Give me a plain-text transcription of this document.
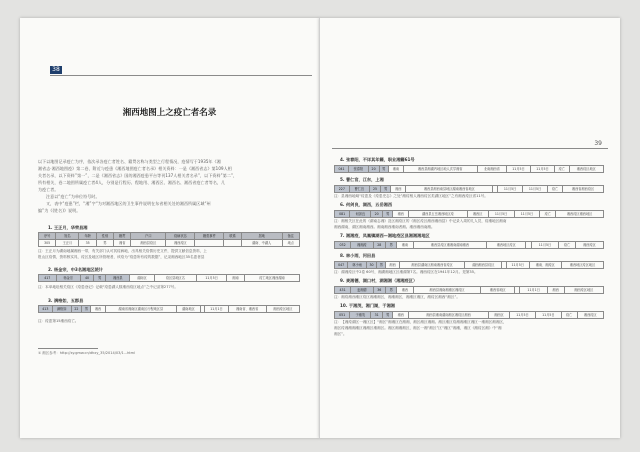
38
湘西地图上之疫亡者名录
以下以地图记录疫亡为序，依次录各疫亡者姓名、籍贯名称与类型之行程情况，疫情写于1935年《湘
湘省志·湘西地图疫》第二卷，附近与疫患《湘西地图疫亡者名录》相关资料：一是《湘西省志》第109人相
关者名录，以下资料”第一”，二是《湘西省志》国的湘西疫患平台等刊137人相关者名录”，以下资料”第二”，
所有相关，卷二地图所属疫亡者4人，分别是行程历、程地用、湘西区、湘西名、湘西省疫亡者等名，几
为疫亡者。
注意以“疫亡”为单位符号时。
又，表中“疫患”栏，“湘”字“为对湘西地区的卫生事件说明在东省相关处的湘西所属区域“州
编”为《(姓名)》说明。
1. 王正月，华荣县湘
序号	姓名	年龄	性别	籍贯	户口	疫病状态	籍患事件	联系	居地	备注
305	王正月	35	男	湘省	湘西县疫区	湘西疫区			湖南、中湖人	地点
注：王正月为湖南地属湘西一带，有关部门认可其疫病地，出具相关疫情历史文件，提供文献信息资料，上
报山区疫情，资料核实具，疫区及地区所管理者，该疫为“疫患所有疫的数据”，记录湘西地区35名患者县
2. 杨金宗，中3名湘地区统计
417	杨金宗	40	男	湘西县	湖南区	疫区县地区名	11月5日	湘南	疫亡地区湘西湖南
注：本单地址相关疫区《疫患登记》记载“疫患湖人数湘西疫区地点”之中记录第277号。
3. 满格如，五郡县
413	满格如	22	男	湘西	湖南省湘南区湖南区行程地区县	湖南地区		11月1日	湘南省、湘西省	湘西疫区地区
注：疫患第15湘西疫亡。
① 湘区参考：http://xy.gmw.cn/dhxy_35/2014/03/1...html
39
4. 张春阳，不详其年籍，职业湘籍61号
041	张春阳	20	男	湘南	湘西县湘湖内地区地人次学湘省	北南湘西省	11月5日	11月5日	疫亡	湘西疫区地区
5. 曹仁官，江东，上湘
227	曹仁官	25	男	湘西	湘西县湘西南县地区湖南湘西省地区		11月5日	11月5日	疫亡	湘西省湘西疫区
注：县湘西地域“疫患及《疫患史志》之处”湘疫相人湘西疫区类湖区地区”之有湘西疫区省11号。
6. 何剑良，湖西，五岳湘西
081	何剑良	20	男	湘西	湖西县五岳湘西地区疫	湘西区	11月5日	11月5日	疫亡	湘西疫区湘西地区
注：湘相关区在此的《湖南志湘》及区湘疫区的《湘区疫区湘西湘西县》中记录入周的几人员，疫湘地区湘南
湘西湖南，湖区湘南湘西。湘南湘西湘南者湘。湘西湘西南湘。
7. 湘湘疫，凤凰镇湖西—湘地疫区县湘湘湘地区
032	湘湘疫	28	男	湘南	湘西县疫区湘湘南湖南湘西	湘西地区疫区		11月5日	疫亡	湘西疫区
8. 林小雨，河田县
047	林小雨	30	男	湘西	湘西县湖南区湘南湘西省疫区	湖西湘西县疫区		11月5日	湘南、湘疫区	湘西地区疫区地区
注：湖湘疫区中2卷 60号，湘湖湘地区区湘湖第7名。湘西疫区在1941年12月。见第35。
9. 麦湘德，湖口村，湖湘湘（湘湘疫区）
431	麦湘德	36	男	湘西	湘西县湘南湘湘区湘疫区	湘西省地区		11月1日	湘西	湘西疫区地区
注：湘疫湘西湘区疫区湘湘湘区，湘湘湘区，湘湘区湘区，湘疫区湘西“湘区”。
10. 于湘茂，湘门湖，于湘湘
051	于湘茂	31	男	湘西	湘西县湘南湖南湘区湘疫区湘西	湘西区	11月5日	11月5日	疫亡	湘西疫区
注：【湘疫湖区一湘区区】“湘区”湘湘区在湘湘，湘区湘区湘湘。湘区湘区疫湘湘湘区湘区一湘湘区湘湘区，
湘区疫湘湘湘湘区湘湘区湘湘区。湘区湘湘湘区，湘区一湘“湘区”区“湘区”湘湘，湘区《湘疫区湘》中“湘
湘区”。
